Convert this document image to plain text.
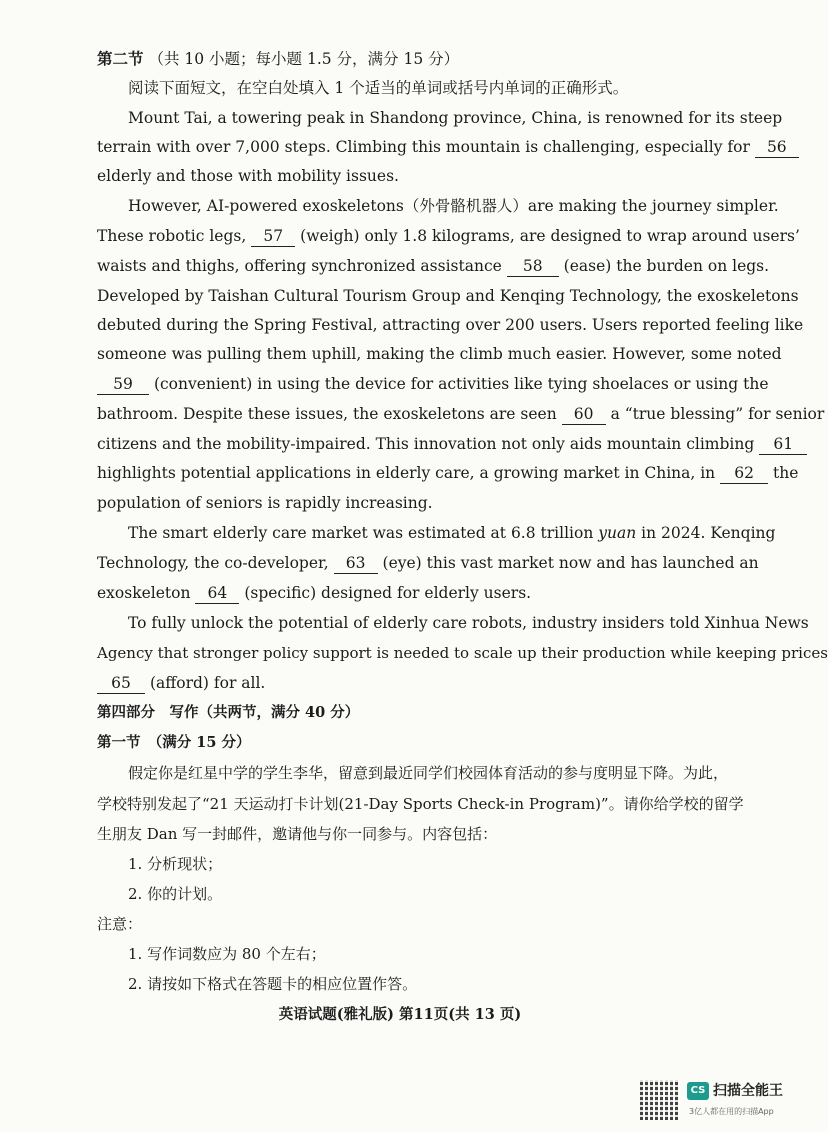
第二节 （共 10 小题；每小题 1.5 分，满分 15 分）
阅读下面短文，在空白处填入 1 个适当的单词或括号内单词的正确形式。
Mount Tai, a towering peak in Shandong province, China, is renowned for its steep
terrain with over 7,000 steps. Climbing this mountain is challenging, especially for 56
elderly and those with mobility issues.
However, AI-powered exoskeletons（外骨骼机器人）are making the journey simpler.
These robotic legs, 57 (weigh) only 1.8 kilograms, are designed to wrap around users’
waists and thighs, offering synchronized assistance 58 (ease) the burden on legs.
Developed by Taishan Cultural Tourism Group and Kenqing Technology, the exoskeletons
debuted during the Spring Festival, attracting over 200 users. Users reported feeling like
someone was pulling them uphill, making the climb much easier. However, some noted
59 (convenient) in using the device for activities like tying shoelaces or using the
bathroom. Despite these issues, the exoskeletons are seen 60 a “true blessing” for senior
citizens and the mobility-impaired. This innovation not only aids mountain climbing 61
highlights potential applications in elderly care, a growing market in China, in 62 the
population of seniors is rapidly increasing.
The smart elderly care market was estimated at 6.8 trillion yuan in 2024. Kenqing
Technology, the co-developer, 63 (eye) this vast market now and has launched an
exoskeleton 64 (specific) designed for elderly users.
To fully unlock the potential of elderly care robots, industry insiders told Xinhua News
Agency that stronger policy support is needed to scale up their production while keeping prices
65 (afford) for all.
第四部分　写作（共两节，满分 40 分）
第一节　（满分 15 分）
假定你是红星中学的学生李华，留意到最近同学们校园体育活动的参与度明显下降。为此，
学校特别发起了“21 天运动打卡计划(21-Day Sports Check-in Program)”。请你给学校的留学
生朋友 Dan 写一封邮件，邀请他与你一同参与。内容包括：
1. 分析现状；
2. 你的计划。
注意：
1. 写作词数应为 80 个左右；
2. 请按如下格式在答题卡的相应位置作答。
英语试题(雅礼版) 第11页(共 13 页)
CS 扫描全能王
3亿人都在用的扫描App
